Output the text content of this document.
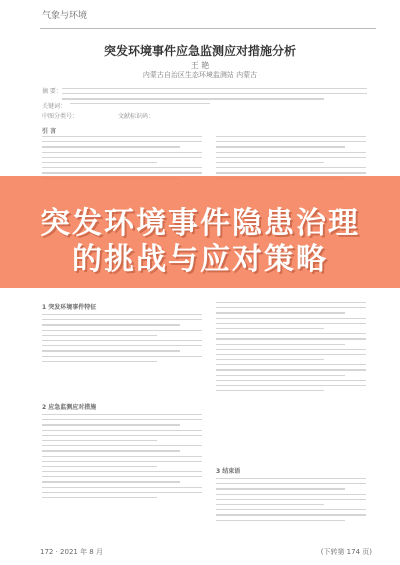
气象与环境
突发环境事件应急监测应对措施分析
王 艳
内蒙古自治区生态环境监测站 内蒙古
摘 要：
关键词：
中图分类号：	文献标识码：
引 言
突发环境事件隐患治理
的挑战与应对策略
1 突发环境事件特征
2 应急监测应对措施
3 结束语
172 · 2021 年 8 月	(下转第 174 页)
